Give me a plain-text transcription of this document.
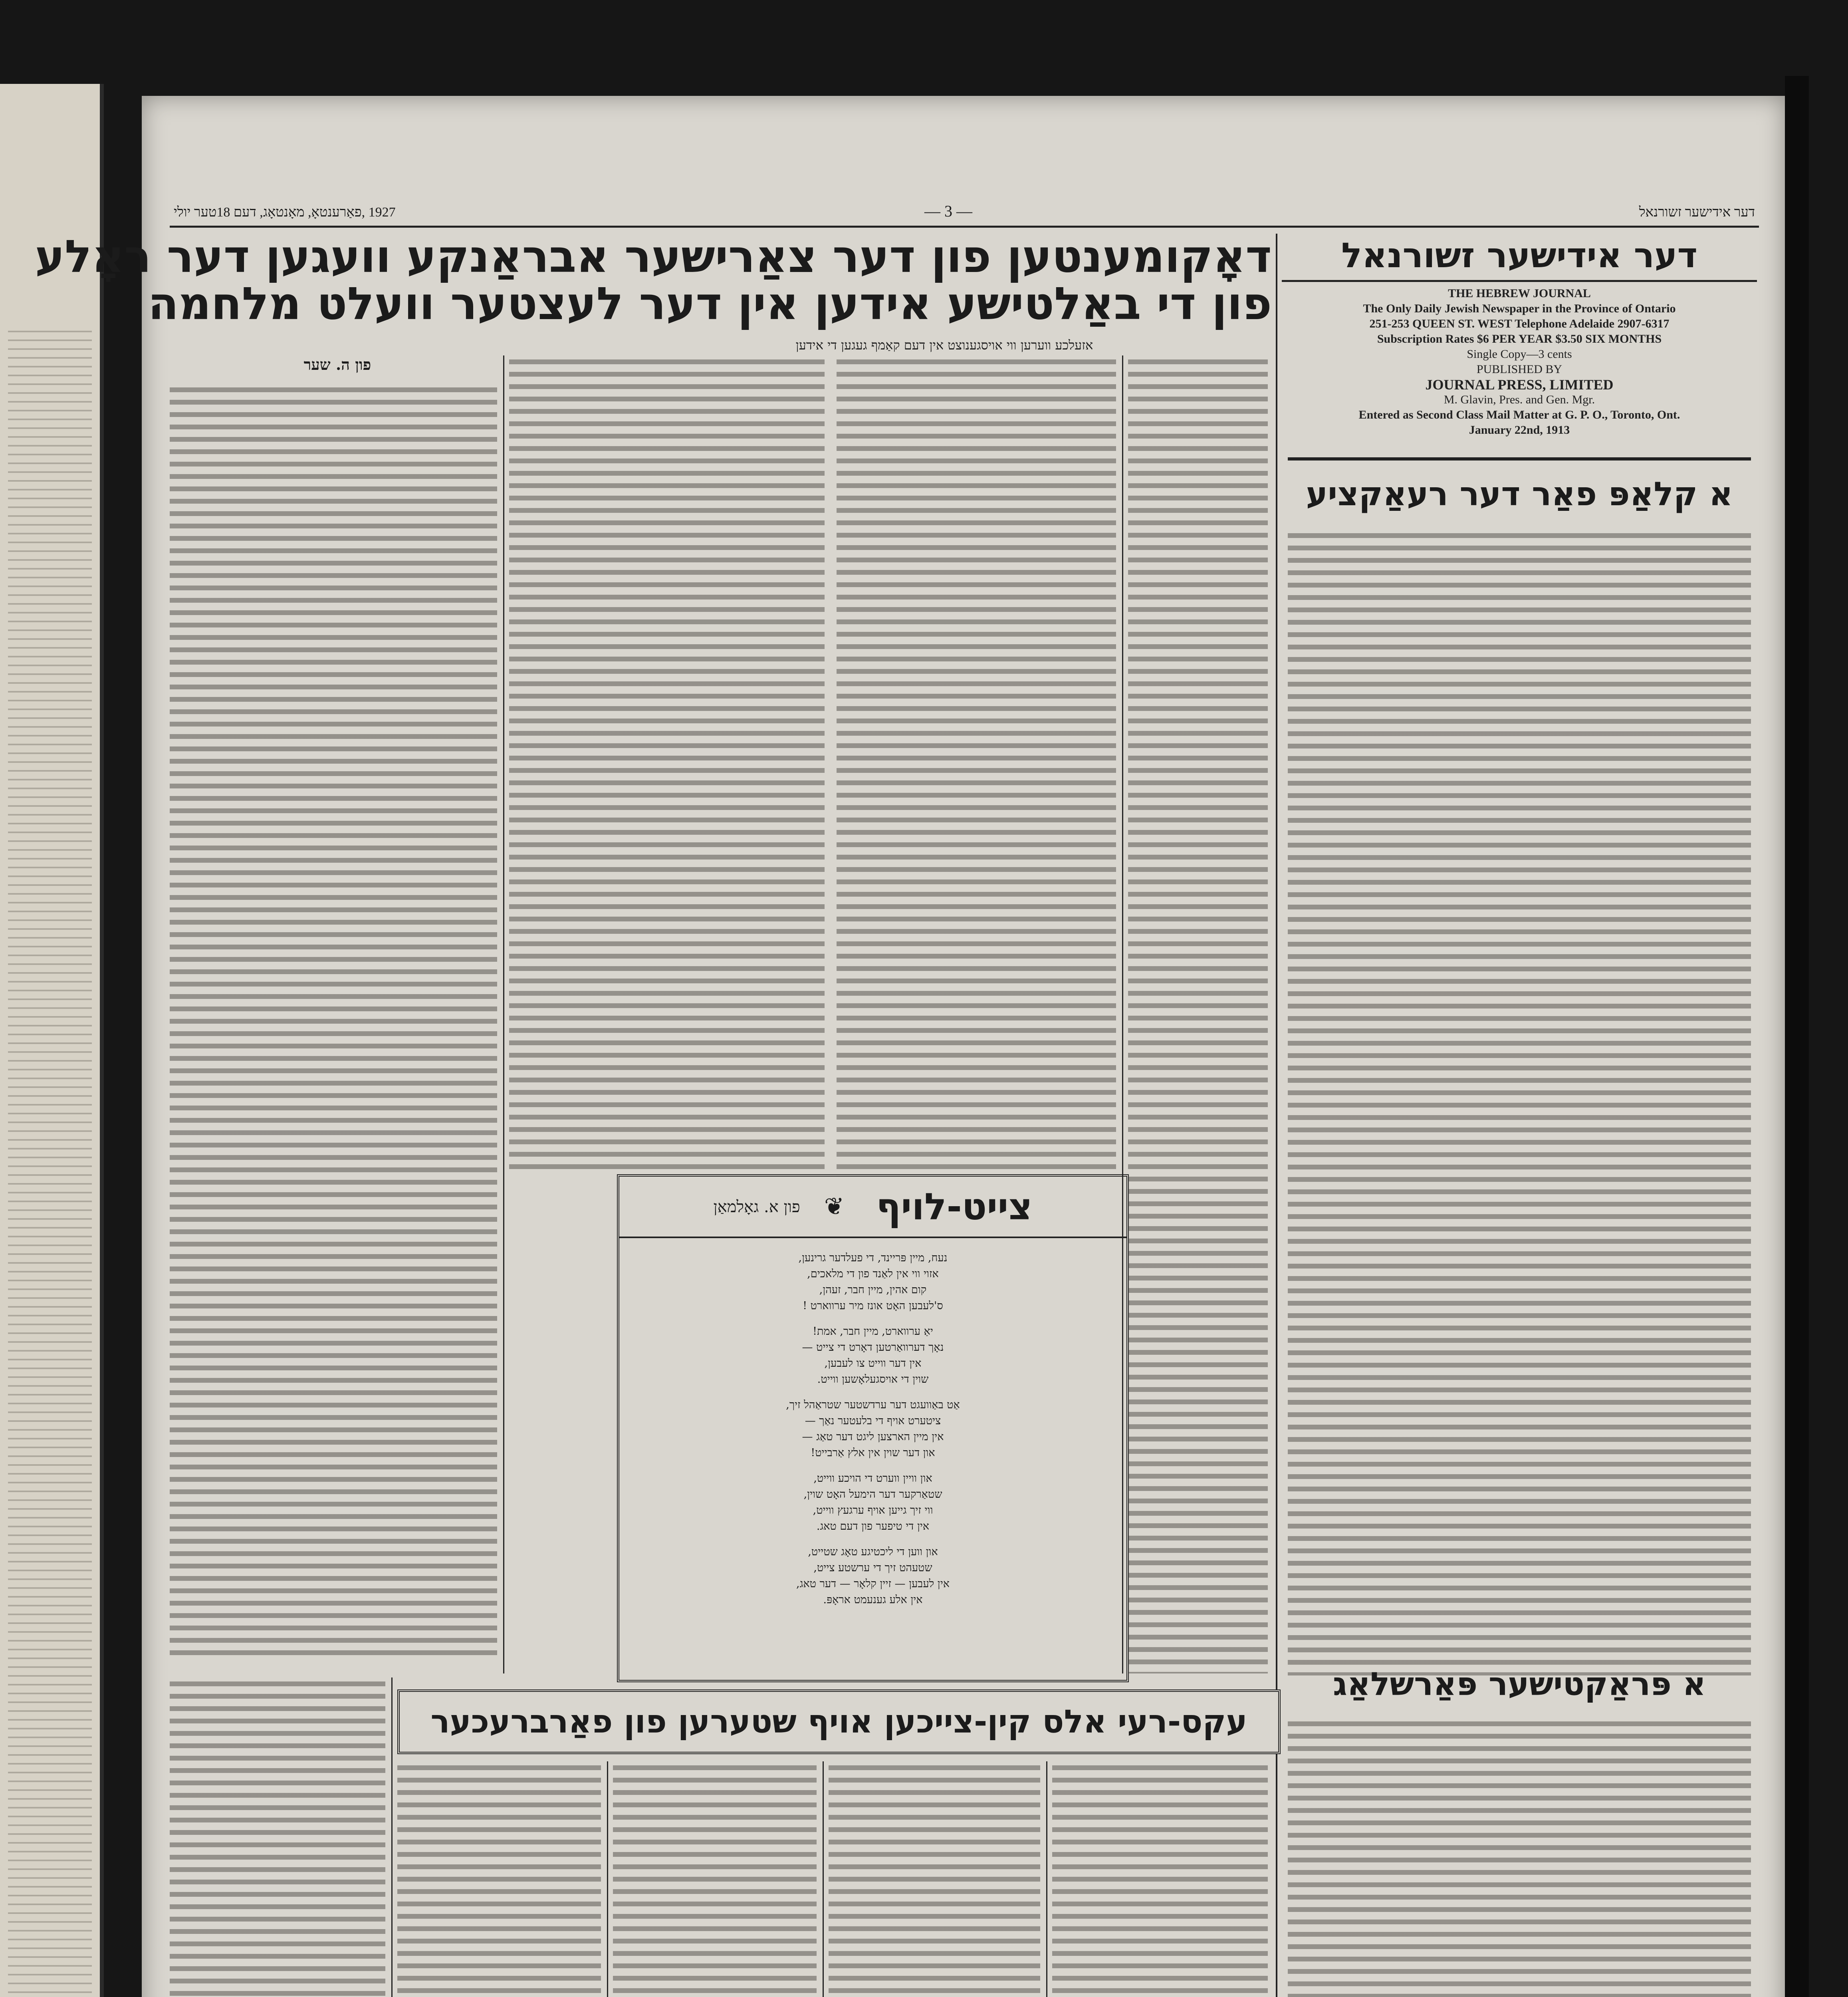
1927 ,פאַרענטאָ, מאָנטאָג, דעם 18טער יולי	— 3 —	דער אידישער זשורנאל
דער אידישער זשורנאל
THE HEBREW JOURNAL
The Only Daily Jewish Newspaper in the Province of Ontario
251-253 QUEEN ST. WEST Telephone Adelaide 2907-6317
Subscription Rates $6 PER YEAR $3.50 SIX MONTHS
Single Copy—3 cents
PUBLISHED BY
JOURNAL PRESS, LIMITED
M. Glavin, Pres. and Gen. Mgr.
Entered as Second Class Mail Matter at G. P. O., Toronto, Ont.
January 22nd, 1913
א קלאַפּ פאַר דער רעאַקציע
א פּראַקטישער פּאַרשלאַג
דאָקומענטען פון דער צאַרישער אבראַנקע וועגען דער ראָלע
פון די באַלטישע אידען אין דער לעצטער וועלט מלחמה
אזעלכע ווערען ווי אויסגענוצט אין דעם קאַמף געגען די אידען
פון ה. שער
צייט-לויף
❦
פון א. גאָלמאַן
נעח, מיין פּריינד, די פעלדער גרינען,
אזוי ווי אין לאַנד פון די מלאכים,
קום אהין, מיין חבר, זעהן,
ס'לעבען האָט אונז מיר ערווארט !
יאַ ערווארט, מיין חבר, אמת!
נאָך דערוואַרטען דאָרט די צייט —
אין דער ווייט צו לעבען,
שוין די אויסגעלאָשען ווייט.
אַט באַוועגט דער ערדשטער שטראַהל זיך,
ציטערט אויף די בלעטער נאַך —
אין מיין הארצען ליגט דער טאַג —
און דער שוין אין אלץ אַרבייט!
און וויין ווערט די הויכע ווייט,
שטאַרקער דער הימעל האָט שוין,
ווי זיך גייען אויף ערגעץ ווייט,
אין די טיפער פון דעם טאג.
און ווען די ליכטיגע טאָג שטייט,
שטעהט זיך די ערשטע צייט,
אין לעבען — זיין קלאָר — דער טאג,
אין אלע גענעמט אראָפּ.
עקס-רעי אלס קין-צייכען אויף שטערען פון פאַרברעכער
